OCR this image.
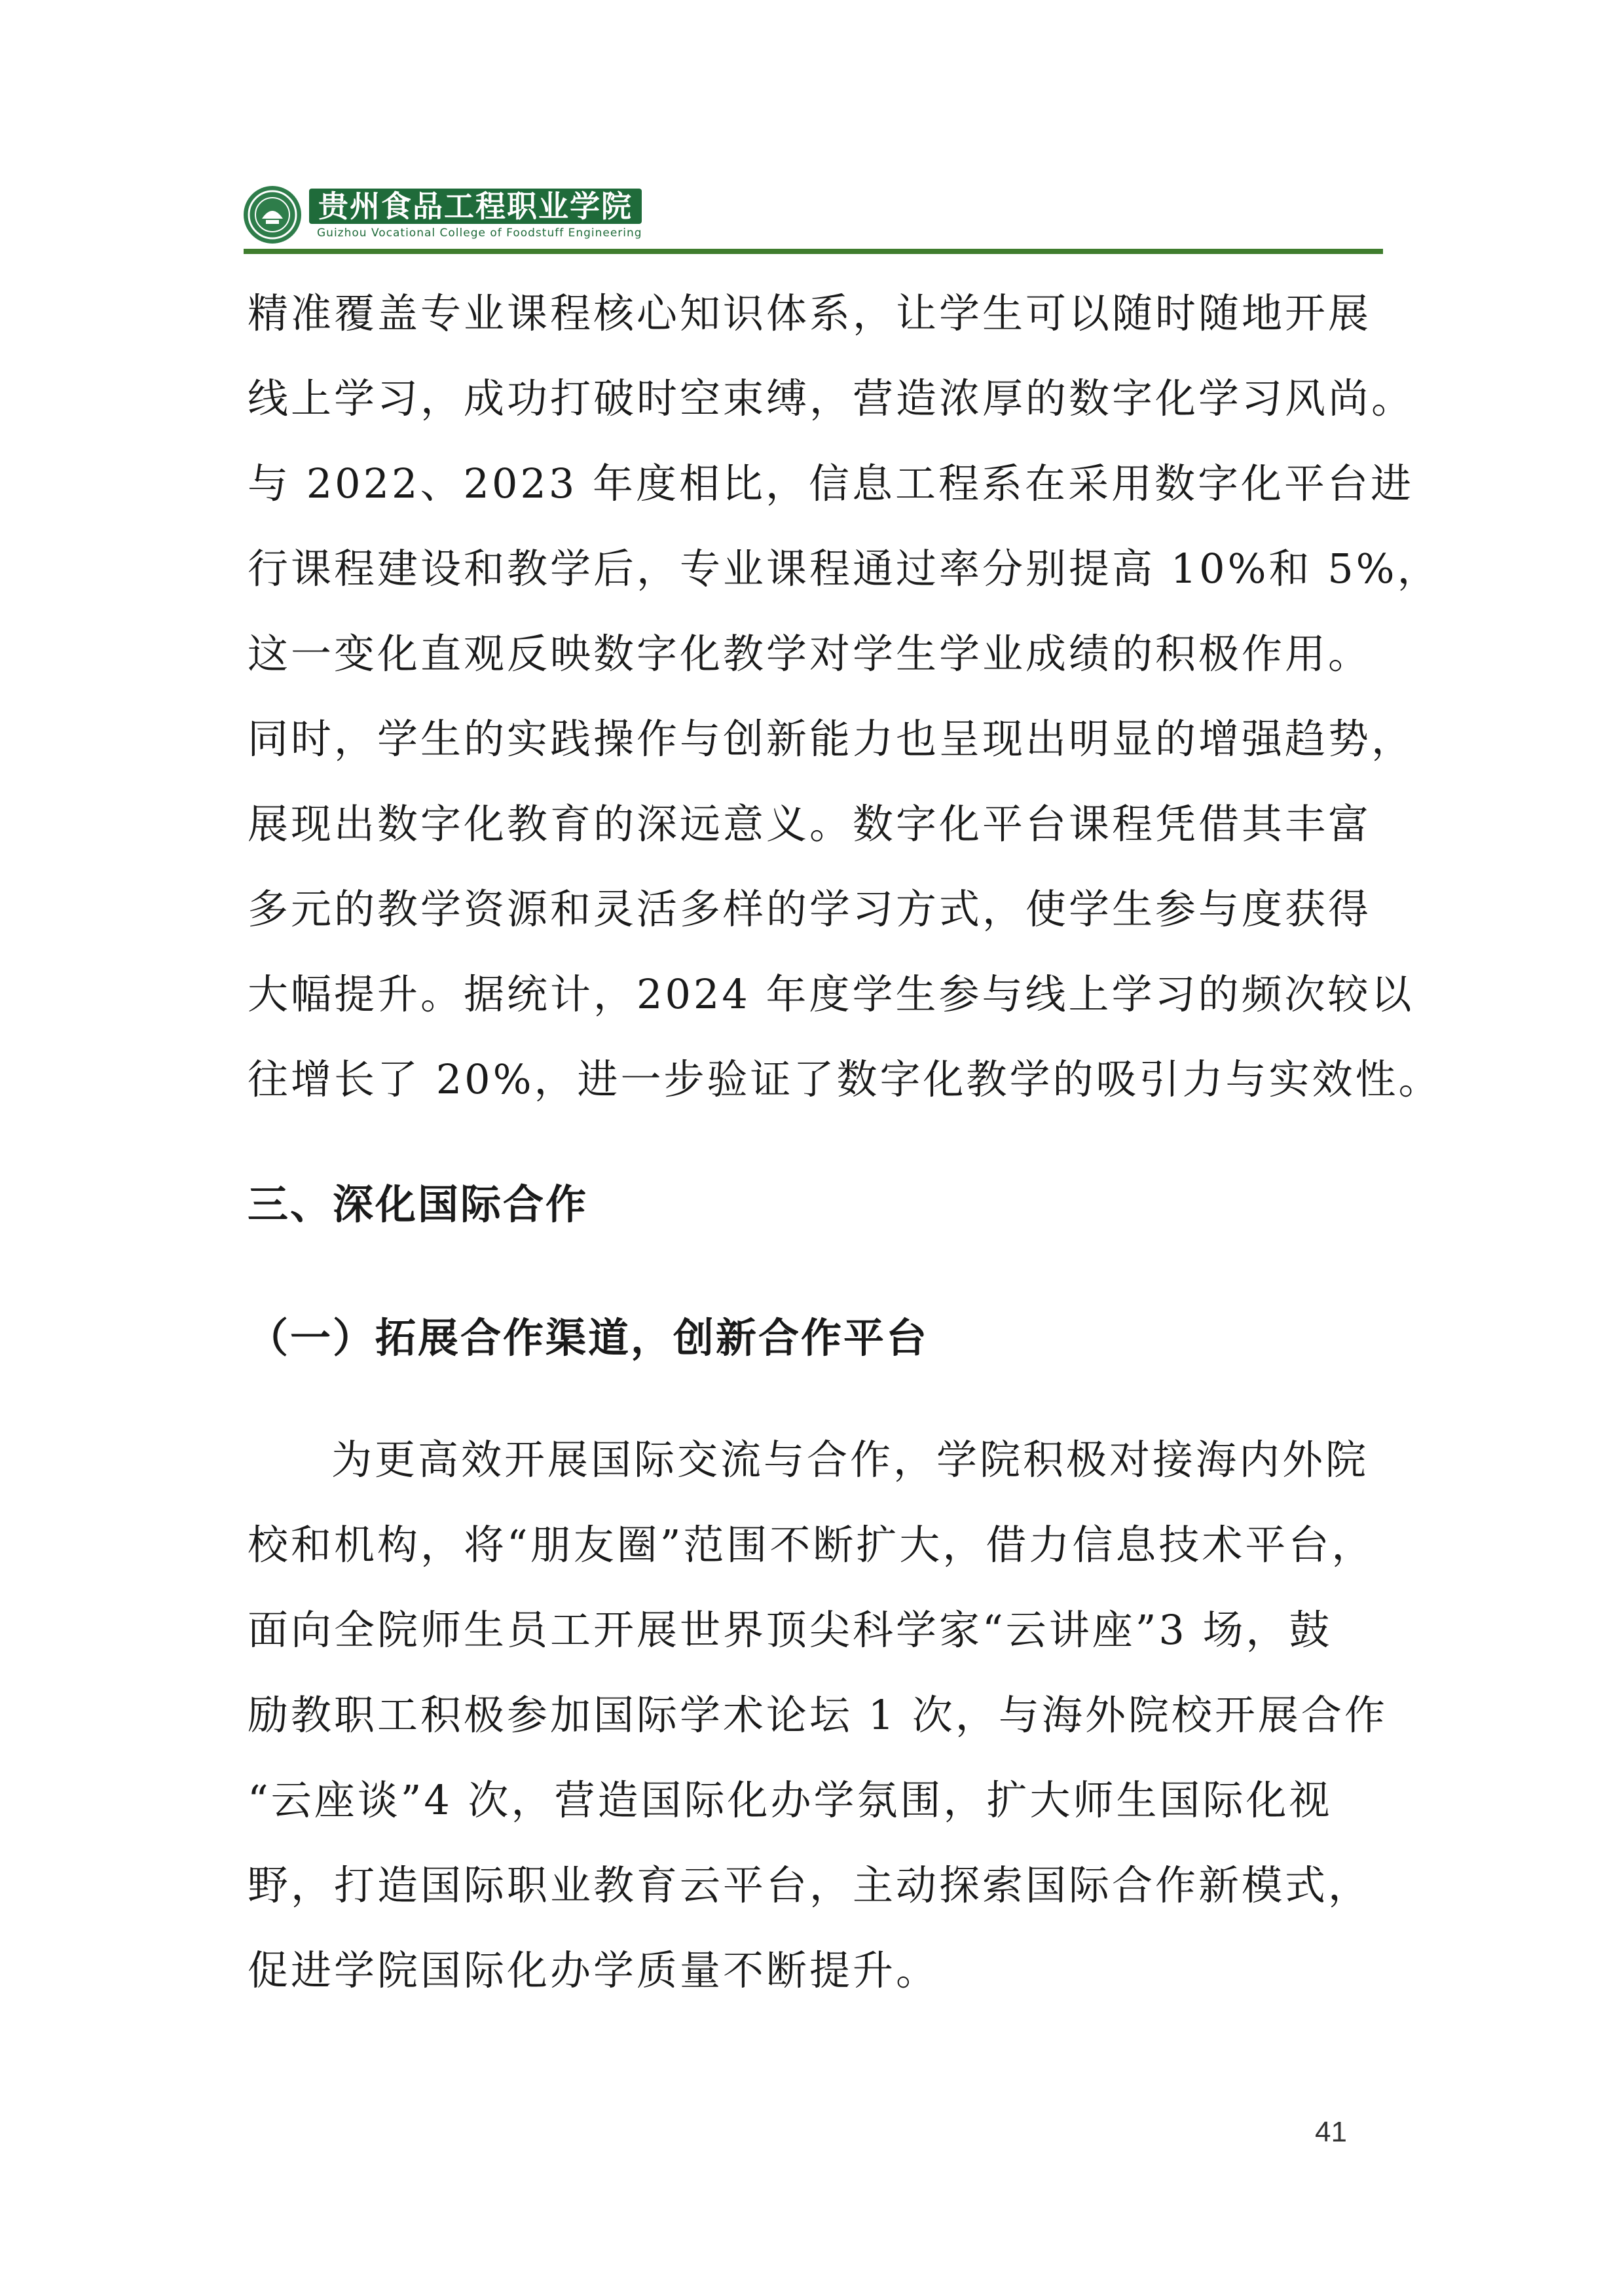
贵州食品工程职业学院
Guizhou Vocational College of Foodstuff Engineering
精准覆盖专业课程核心知识体系，让学生可以随时随地开展
线上学习，成功打破时空束缚，营造浓厚的数字化学习风尚。
与 2022、2023 年度相比，信息工程系在采用数字化平台进
行课程建设和教学后，专业课程通过率分别提高 10%和 5%，
这一变化直观反映数字化教学对学生学业成绩的积极作用。
同时，学生的实践操作与创新能力也呈现出明显的增强趋势，
展现出数字化教育的深远意义。数字化平台课程凭借其丰富
多元的教学资源和灵活多样的学习方式，使学生参与度获得
大幅提升。据统计，2024 年度学生参与线上学习的频次较以
往增长了 20%，进一步验证了数字化教学的吸引力与实效性。
三、深化国际合作
（一）拓展合作渠道，创新合作平台
为更高效开展国际交流与合作，学院积极对接海内外院
校和机构，将“朋友圈”范围不断扩大，借力信息技术平台，
面向全院师生员工开展世界顶尖科学家“云讲座”3 场，鼓
励教职工积极参加国际学术论坛 1 次，与海外院校开展合作
“云座谈”4 次，营造国际化办学氛围，扩大师生国际化视
野，打造国际职业教育云平台，主动探索国际合作新模式，
促进学院国际化办学质量不断提升。
41
